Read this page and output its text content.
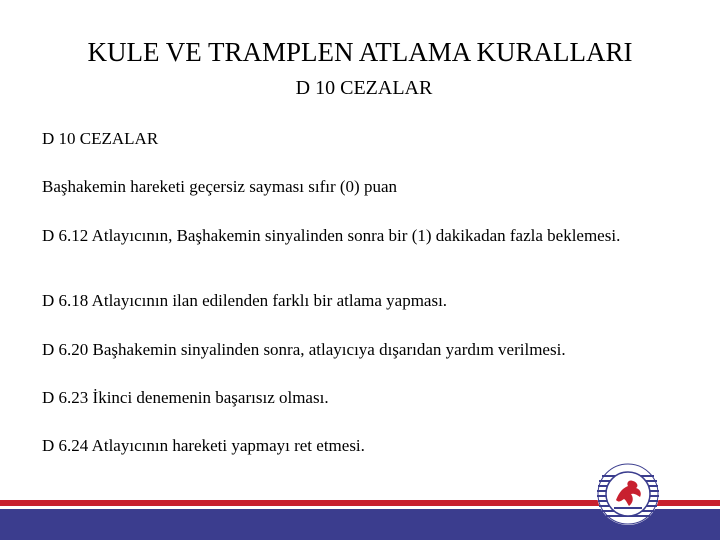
KULE VE TRAMPLEN ATLAMA KURALLARI
D 10 CEZALAR

D 10 CEZALAR

Başhakemin hareketi geçersiz sayması sıfır (0) puan

D 6.12 Atlayıcının, Başhakemin sinyalinden sonra bir (1) dakikadan fazla beklemesi.

D 6.18 Atlayıcının ilan edilenden farklı bir atlama yapması.

D 6.20 Başhakemin sinyalinden sonra, atlayıcıya dışarıdan yardım verilmesi.

D 6.23 İkinci denemenin başarısız olması.

D 6.24 Atlayıcının hareketi yapmayı ret etmesi.
